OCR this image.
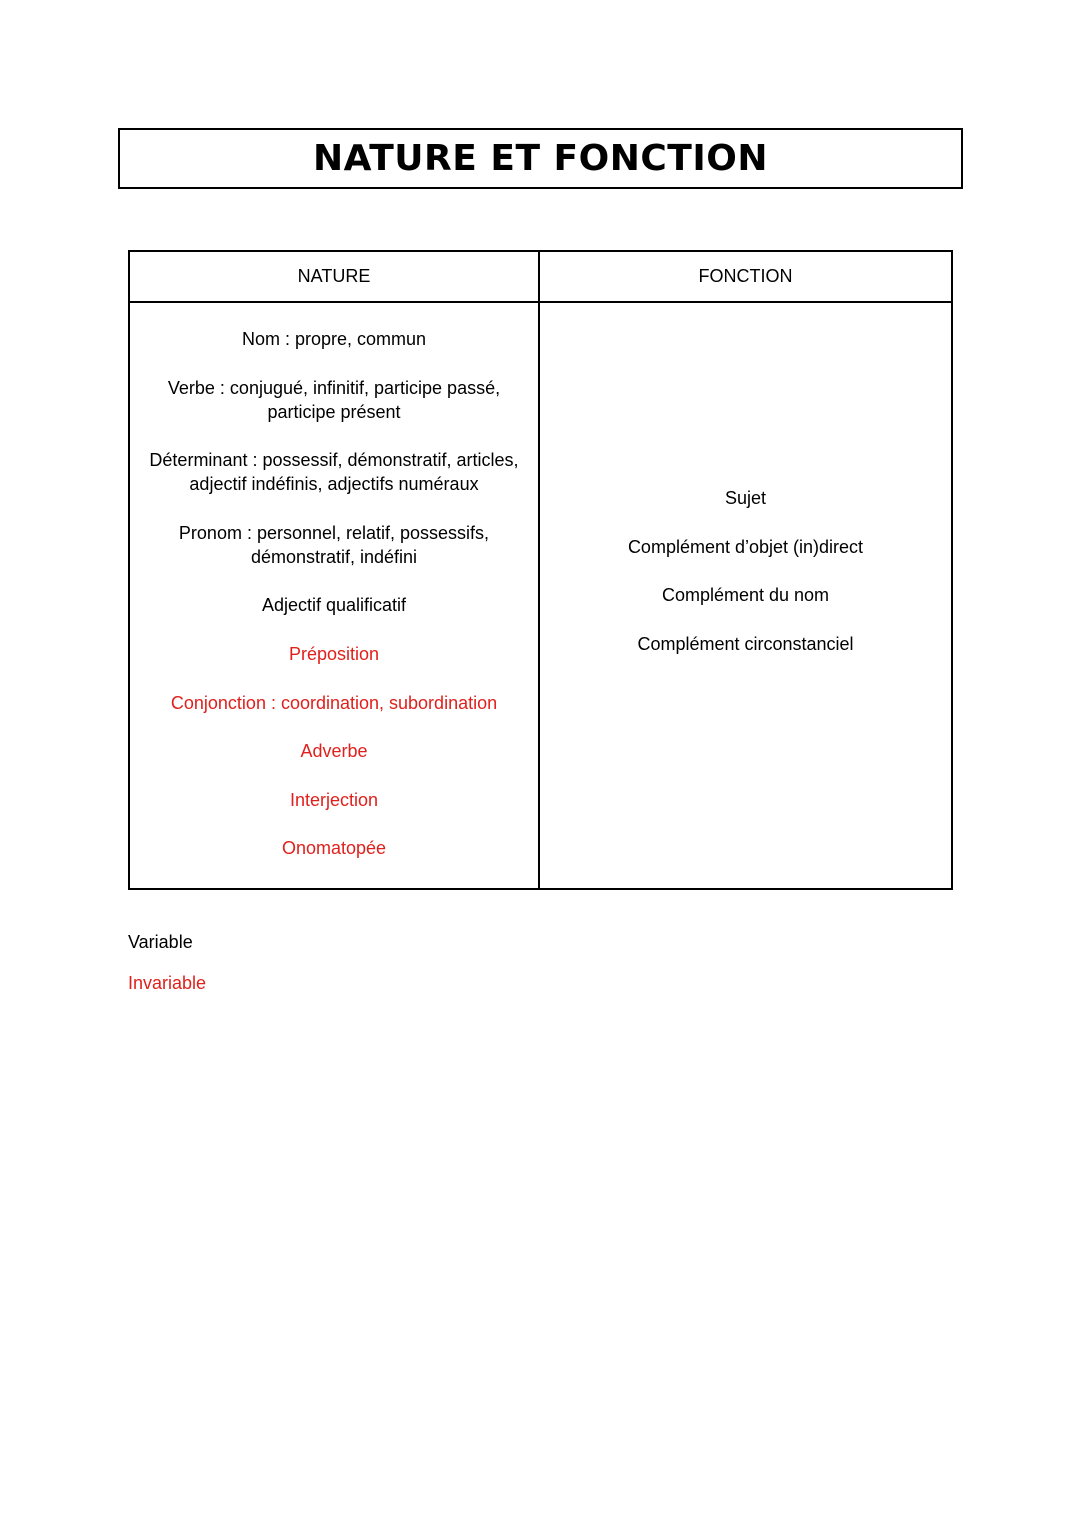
NATURE ET FONCTION
NATURE	FONCTION
Nom : propre, commun
Verbe : conjugué, infinitif, participe passé,
participe présent
Déterminant : possessif, démonstratif, articles,
adjectif indéfinis, adjectifs numéraux
Pronom : personnel, relatif, possessifs,
démonstratif, indéfini
Adjectif qualificatif
Préposition
Conjonction : coordination, subordination
Adverbe
Interjection
Onomatopée
Sujet
Complément d’objet (in)direct
Complément du nom
Complément circonstanciel
Variable
Invariable
